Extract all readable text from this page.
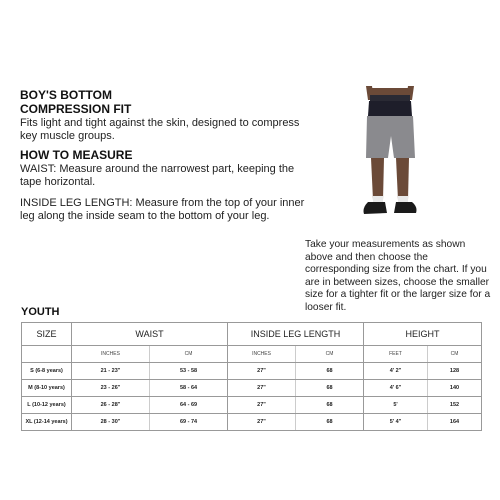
BOY'S BOTTOM
COMPRESSION FIT
Fits light and tight against the skin, designed to compress key muscle groups.
HOW TO MEASURE
WAIST: Measure around the narrowest part, keeping the tape horizontal.
INSIDE LEG LENGTH: Measure from the top of your inner leg along the inside seam to the bottom of your leg.
Take your measurements as shown above and then choose the corresponding size from the chart. If you are in between sizes, choose the smaller size for a tighter fit or the larger size for a looser fit.
YOUTH
SIZE	WAIST		INSIDE LEG LENGTH		HEIGHT	
	INCHES	CM	INCHES	CM	FEET	CM
S (6-8 years)	21 - 23"	53 - 58	27"	68	4' 2"	128
M (8-10 years)	23 - 26"	58 - 64	27"	68	4' 6"	140
L (10-12 years)	26 - 28"	64 - 69	27"	68	5'	152
XL (12-14 years)	28 - 30"	69 - 74	27"	68	5' 4"	164
